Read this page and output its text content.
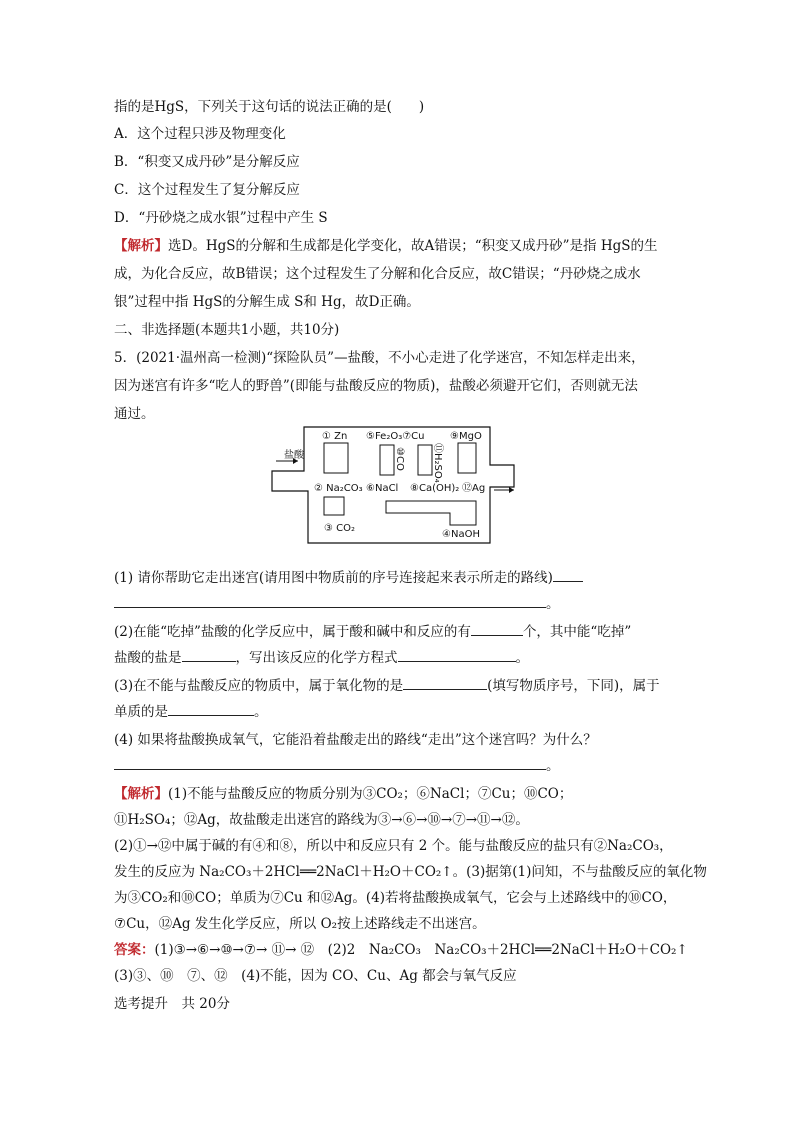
指的是HgS，下列关于这句话的说法正确的是(　　)
A．这个过程只涉及物理变化
B．“积变又成丹砂”是分解反应
C．这个过程发生了复分解反应
D．“丹砂烧之成水银”过程中产生 S
【解析】选D。HgS的分解和生成都是化学变化，故A错误；“积变又成丹砂”是指 HgS的生
成，为化合反应，故B错误；这个过程发生了分解和化合反应，故C错误；“丹砂烧之成水
银”过程中指 HgS的分解生成 S和 Hg，故D正确。
二、非选择题(本题共1小题，共10分)
5．(2021·温州高一检测)“探险队员”—盐酸，不小心走进了化学迷宫，不知怎样走出来，
因为迷宫有许多“吃人的野兽”(即能与盐酸反应的物质)，盐酸必须避开它们，否则就无法
通过。
盐酸
① Zn ⑤Fe₂O₃⑦Cu	⑨MgO
⑩CO	⑪H₂SO₄
② Na₂CO₃ ⑥NaCl ⑧Ca(OH)₂ ⑫Ag
③ CO₂
④NaOH
(1) 请你帮助它走出迷宫(请用图中物质前的序号连接起来表示所走的路线)
。
(2)在能“吃掉”盐酸的化学反应中，属于酸和碱中和反应的有	个，其中能“吃掉”
盐酸的盐是	，写出该反应的化学方程式	。
(3)在不能与盐酸反应的物质中，属于氧化物的是	(填写物质序号，下同)，属于
单质的是	。
(4) 如果将盐酸换成氧气，它能沿着盐酸走出的路线“走出”这个迷宫吗？为什么？
。
【解析】(1)不能与盐酸反应的物质分别为③CO₂；⑥NaCl；⑦Cu；⑩CO；
⑪H₂SO₄；⑫Ag，故盐酸走出迷宫的路线为③→⑥→⑩→⑦→⑪→⑫。
(2)①→⑫中属于碱的有④和⑧，所以中和反应只有 2 个。能与盐酸反应的盐只有②Na₂CO₃，
发生的反应为 Na₂CO₃＋2HCl══2NaCl＋H₂O＋CO₂↑。(3)据第(1)问知，不与盐酸反应的氧化物
为③CO₂和⑩CO；单质为⑦Cu 和⑫Ag。(4)若将盐酸换成氧气，它会与上述路线中的⑩CO，
⑦Cu，⑫Ag 发生化学反应，所以 O₂按上述路线走不出迷宫。
答案：(1)③→⑥→⑩→⑦→ ⑪→ ⑫　(2)2　Na₂CO₃　Na₂CO₃＋2HCl══2NaCl＋H₂O＋CO₂↑
(3)③、⑩　⑦、⑫　(4)不能，因为 CO、Cu、Ag 都会与氧气反应
选考提升　共 20分
